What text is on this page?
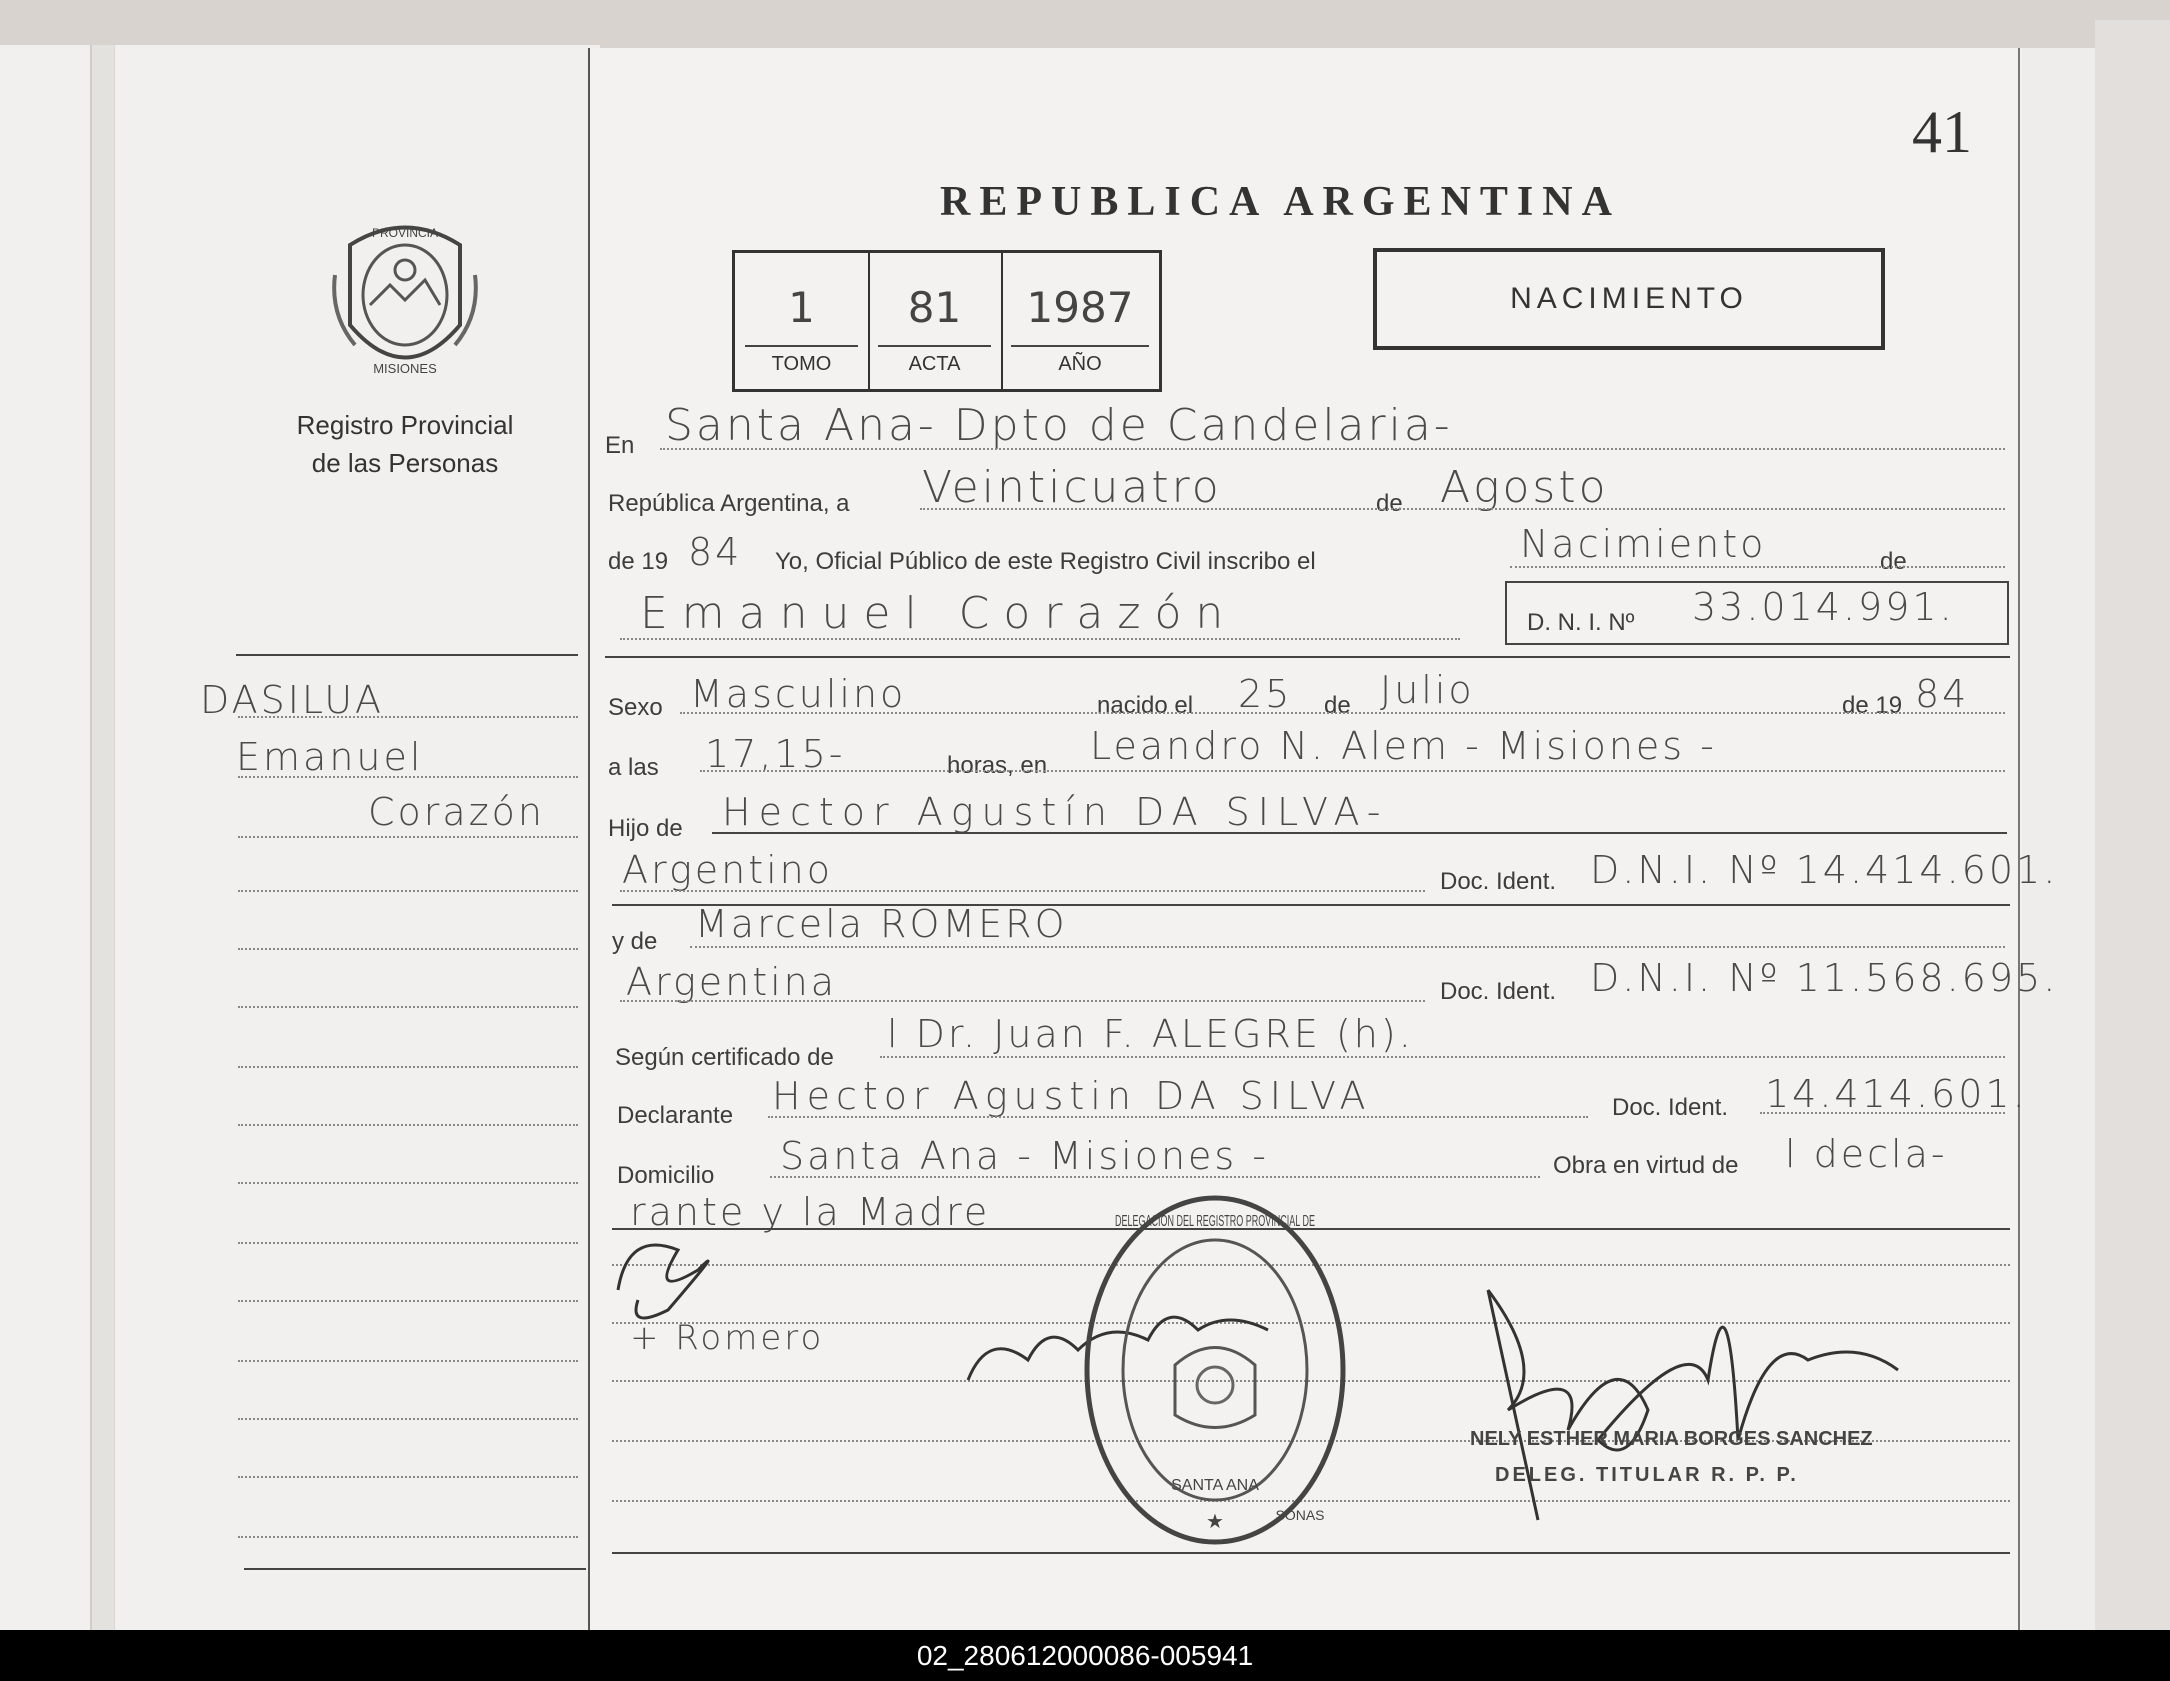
41
REPUBLICA ARGENTINA
PROVINCIA
MISIONES
Registro Provincial
de las Personas
DASILUA
Emanuel
Corazón
1
TOMO
81
ACTA
1987
AÑO
NACIMIENTO
En Santa Ana- Dpto de Candelaria-
República Argentina, a Veinticuatro	de Agosto
de 19 84 Yo, Oficial Público de este Registro Civil inscribo el	Nacimiento	de
Emanuel Corazón	D. N. I. Nº 33.014.991.
Sexo Masculino	nacido el 25 de Julio	de 19 84
a las 17,15-	horas, en Leandro N. Alem - Misiones -
Hijo de Hector Agustín DA SILVA-
Argentino	Doc. Ident. D.N.I. Nº 14.414.601.
y de Marcela ROMERO
Argentina	Doc. Ident. D.N.I. Nº 11.568.695.
Según certificado de
l Dr. Juan F. ALEGRE (h).
Declarante Hector Agustin DA SILVA	Doc. Ident. 14.414.601.
Domicilio Santa Ana - Misiones -	Obra en virtud de l decla-
rante y la Madre
+ Romero
NELY ESTHER MARIA BORGES SANCHEZ
DELEG. TITULAR R. P. P.
DELEGACION DEL REGISTRO PROVINCIAL DE
SANTA ANA
SONAS
★
02_280612000086-005941
